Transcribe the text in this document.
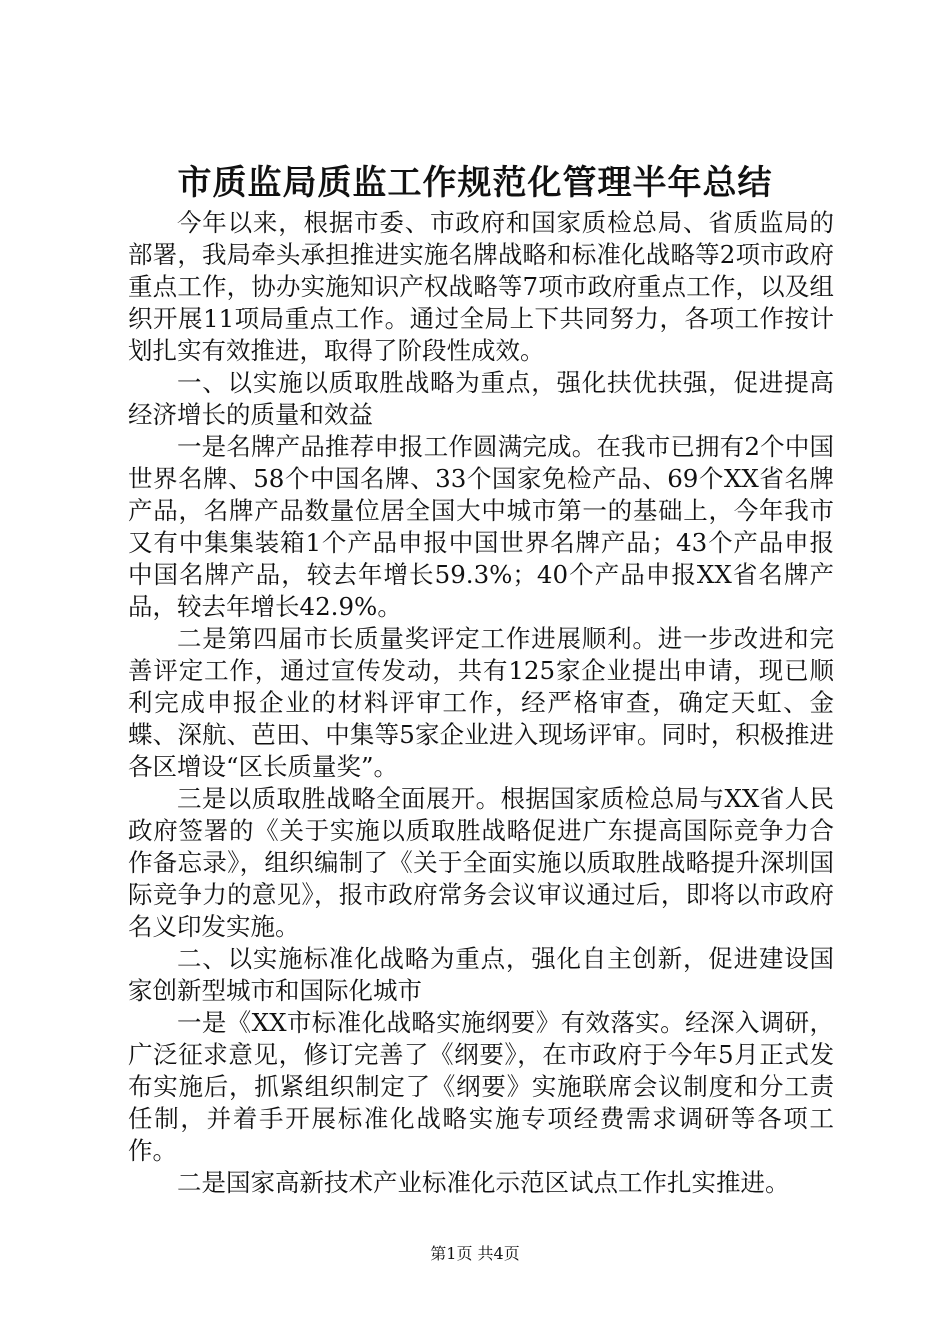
市质监局质监工作规范化管理半年总结

今年以来，根据市委、市政府和国家质检总局、省质监局的部署，我局牵头承担推进实施名牌战略和标准化战略等2项市政府重点工作，协办实施知识产权战略等7项市政府重点工作，以及组织开展11项局重点工作。通过全局上下共同努力，各项工作按计划扎实有效推进，取得了阶段性成效。

一、以实施以质取胜战略为重点，强化扶优扶强，促进提高经济增长的质量和效益

一是名牌产品推荐申报工作圆满完成。在我市已拥有2个中国世界名牌、58个中国名牌、33个国家免检产品、69个XX省名牌产品，名牌产品数量位居全国大中城市第一的基础上，今年我市又有中集集装箱1个产品申报中国世界名牌产品；43个产品申报中国名牌产品，较去年增长59.3%；40个产品申报XX省名牌产品，较去年增长42.9%。

二是第四届市长质量奖评定工作进展顺利。进一步改进和完善评定工作，通过宣传发动，共有125家企业提出申请，现已顺利完成申报企业的材料评审工作，经严格审查，确定天虹、金蝶、深航、芭田、中集等5家企业进入现场评审。同时，积极推进各区增设“区长质量奖”。

三是以质取胜战略全面展开。根据国家质检总局与XX省人民政府签署的《关于实施以质取胜战略促进广东提高国际竞争力合作备忘录》，组织编制了《关于全面实施以质取胜战略提升深圳国际竞争力的意见》，报市政府常务会议审议通过后，即将以市政府名义印发实施。

二、以实施标准化战略为重点，强化自主创新，促进建设国家创新型城市和国际化城市

一是《XX市标准化战略实施纲要》有效落实。经深入调研，广泛征求意见，修订完善了《纲要》，在市政府于今年5月正式发布实施后，抓紧组织制定了《纲要》实施联席会议制度和分工责任制，并着手开展标准化战略实施专项经费需求调研等各项工作。

二是国家高新技术产业标准化示范区试点工作扎实推进。

第1页 共4页
